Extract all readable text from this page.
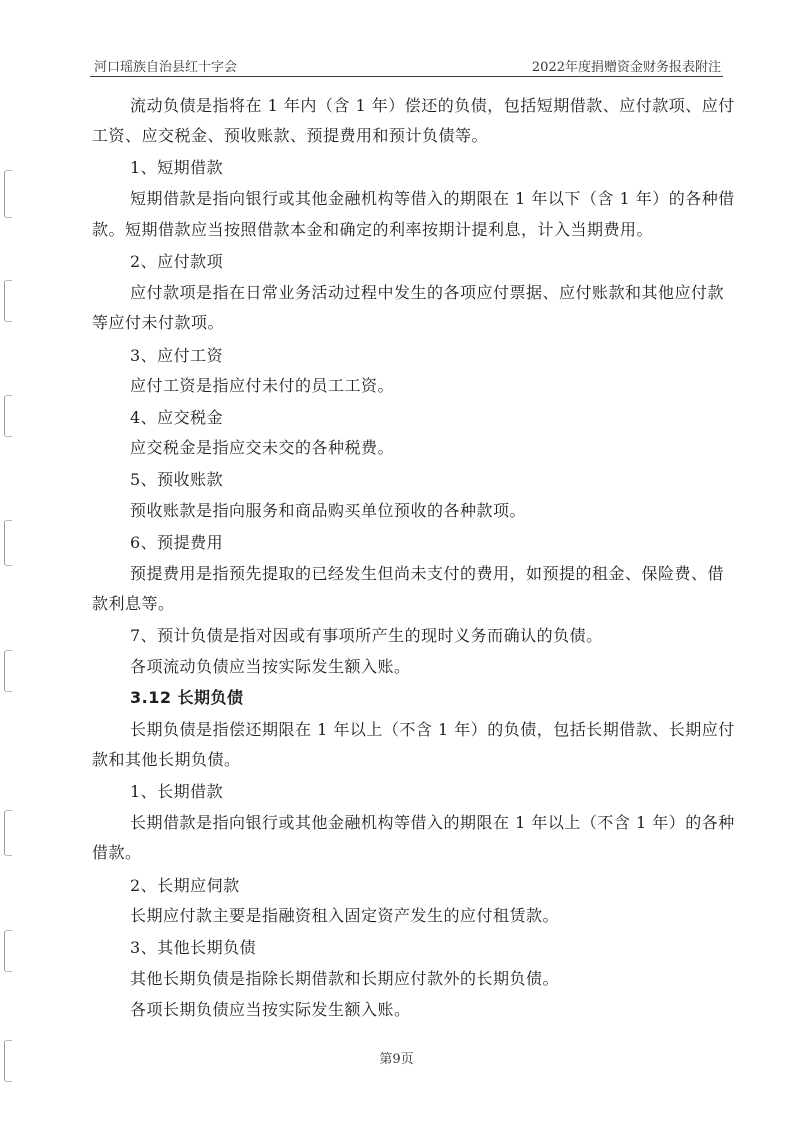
河口瑶族自治县红十字会	2022年度捐赠资金财务报表附注
流动负债是指将在 1 年内（含 1 年）偿还的负债，包括短期借款、应付款项、应付
工资、应交税金、预收账款、预提费用和预计负债等。
1、短期借款
短期借款是指向银行或其他金融机构等借入的期限在 1 年以下（含 1 年）的各种借
款。短期借款应当按照借款本金和确定的利率按期计提利息，计入当期费用。
2、应付款项
应付款项是指在日常业务活动过程中发生的各项应付票据、应付账款和其他应付款
等应付未付款项。
3、应付工资
应付工资是指应付未付的员工工资。
4、应交税金
应交税金是指应交未交的各种税费。
5、预收账款
预收账款是指向服务和商品购买单位预收的各种款项。
6、预提费用
预提费用是指预先提取的已经发生但尚未支付的费用，如预提的租金、保险费、借
款利息等。
7、预计负债是指对因或有事项所产生的现时义务而确认的负债。
各项流动负债应当按实际发生额入账。
3.12 长期负债
长期负债是指偿还期限在 1 年以上（不含 1 年）的负债，包括长期借款、长期应付
款和其他长期负债。
1、长期借款
长期借款是指向银行或其他金融机构等借入的期限在 1 年以上（不含 1 年）的各种
借款。
2、长期应伺款
长期应付款主要是指融资租入固定资产发生的应付租赁款。
3、其他长期负债
其他长期负债是指除长期借款和长期应付款外的长期负债。
各项长期负债应当按实际发生额入账。
第9页
